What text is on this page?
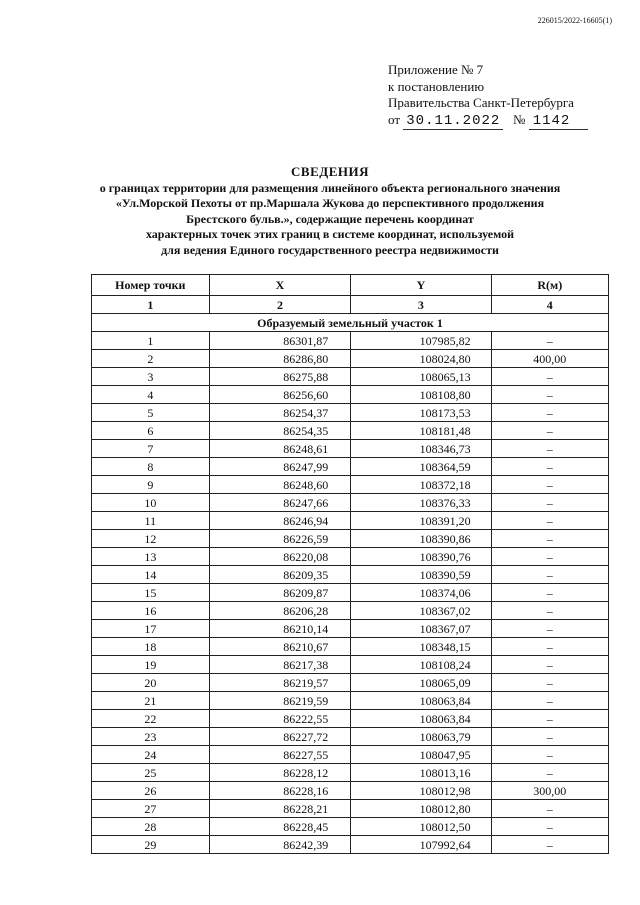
226015/2022-16605(1)
Приложение № 7
к постановлению
Правительства Санкт-Петербурга
от 30.11.2022 № 1142
СВЕДЕНИЯ
о границах территории для размещения линейного объекта регионального значения
«Ул.Морской Пехоты от пр.Маршала Жукова до перспективного продолжения
Брестского бульв.», содержащие перечень координат
характерных точек этих границ в системе координат, используемой
для ведения Единого государственного реестра недвижимости
Номер точки	X	Y	R(м)
1	2	3	4
Образуемый земельный участок 1			
1	86301,87	107985,82	–
2	86286,80	108024,80	400,00
3	86275,88	108065,13	–
4	86256,60	108108,80	–
5	86254,37	108173,53	–
6	86254,35	108181,48	–
7	86248,61	108346,73	–
8	86247,99	108364,59	–
9	86248,60	108372,18	–
10	86247,66	108376,33	–
11	86246,94	108391,20	–
12	86226,59	108390,86	–
13	86220,08	108390,76	–
14	86209,35	108390,59	–
15	86209,87	108374,06	–
16	86206,28	108367,02	–
17	86210,14	108367,07	–
18	86210,67	108348,15	–
19	86217,38	108108,24	–
20	86219,57	108065,09	–
21	86219,59	108063,84	–
22	86222,55	108063,84	–
23	86227,72	108063,79	–
24	86227,55	108047,95	–
25	86228,12	108013,16	–
26	86228,16	108012,98	300,00
27	86228,21	108012,80	–
28	86228,45	108012,50	–
29	86242,39	107992,64	–
